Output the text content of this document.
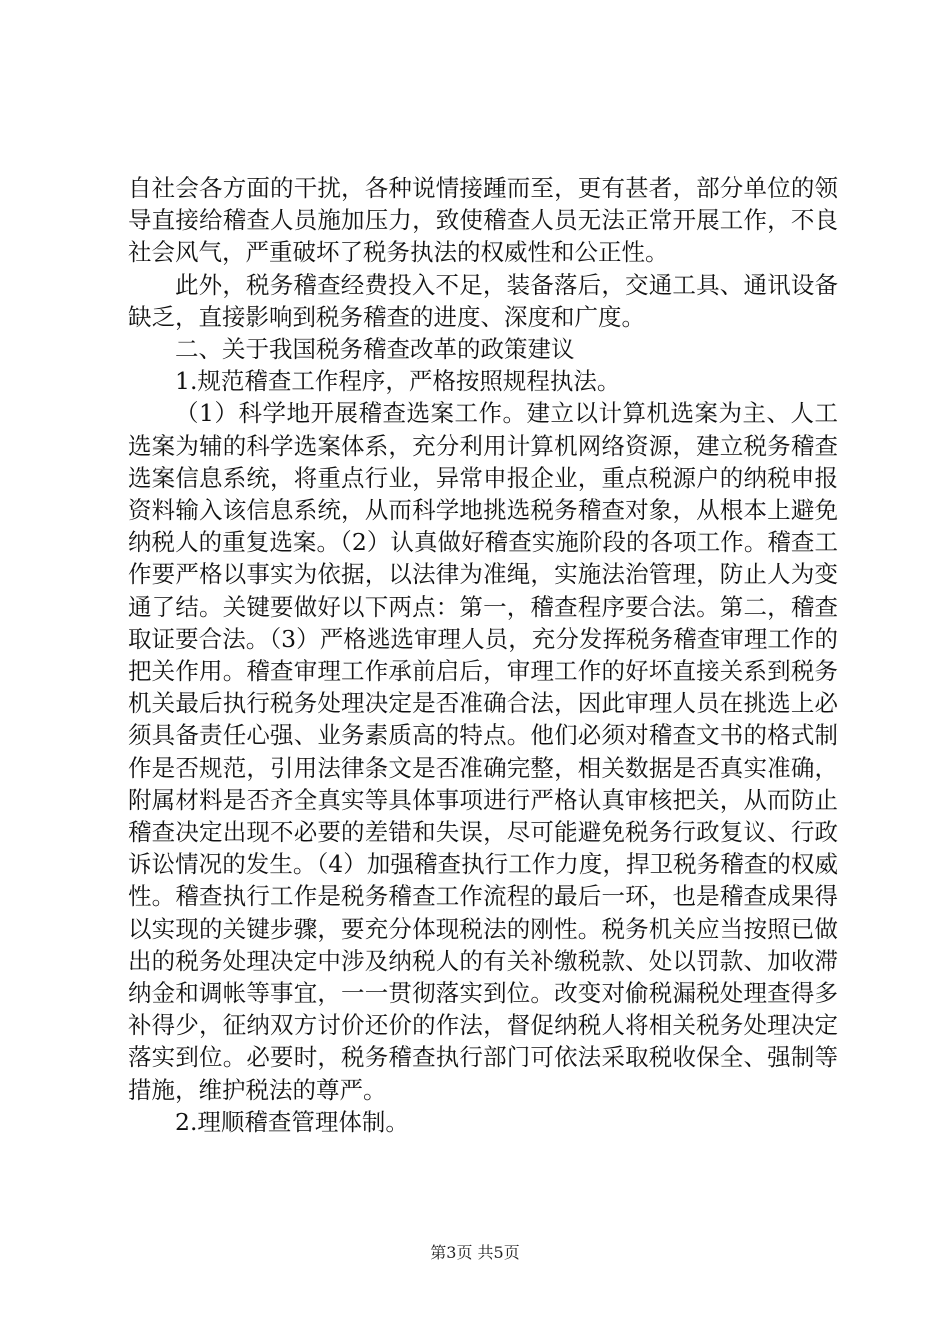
自社会各方面的干扰，各种说情接踵而至，更有甚者，部分单位的领导直接给稽查人员施加压力，致使稽查人员无法正常开展工作，不良社会风气，严重破坏了税务执法的权威性和公正性。

此外，税务稽查经费投入不足，装备落后，交通工具、通讯设备缺乏，直接影响到税务稽查的进度、深度和广度。

二、关于我国税务稽查改革的政策建议

1.规范稽查工作程序，严格按照规程执法。

（1）科学地开展稽查选案工作。建立以计算机选案为主、人工选案为辅的科学选案体系，充分利用计算机网络资源，建立税务稽查选案信息系统，将重点行业，异常申报企业，重点税源户的纳税申报资料输入该信息系统，从而科学地挑选税务稽查对象，从根本上避免纳税人的重复选案。（2）认真做好稽查实施阶段的各项工作。稽查工作要严格以事实为依据，以法律为准绳，实施法治管理，防止人为变通了结。关键要做好以下两点：第一，稽查程序要合法。第二，稽查取证要合法。（3）严格逃选审理人员，充分发挥税务稽查审理工作的把关作用。稽查审理工作承前启后，审理工作的好坏直接关系到税务机关最后执行税务处理决定是否准确合法，因此审理人员在挑选上必须具备责任心强、业务素质高的特点。他们必须对稽查文书的格式制作是否规范，引用法律条文是否准确完整，相关数据是否真实准确，附属材料是否齐全真实等具体事项进行严格认真审核把关，从而防止稽查决定出现不必要的差错和失误，尽可能避免税务行政复议、行政诉讼情况的发生。（4）加强稽查执行工作力度，捍卫税务稽查的权威性。稽查执行工作是税务稽查工作流程的最后一环，也是稽查成果得以实现的关键步骤，要充分体现税法的刚性。税务机关应当按照已做出的税务处理决定中涉及纳税人的有关补缴税款、处以罚款、加收滞纳金和调帐等事宜，一一贯彻落实到位。改变对偷税漏税处理查得多补得少，征纳双方讨价还价的作法，督促纳税人将相关税务处理决定落实到位。必要时，税务稽查执行部门可依法采取税收保全、强制等措施，维护税法的尊严。

2.理顺稽查管理体制。

第3页 共5页
